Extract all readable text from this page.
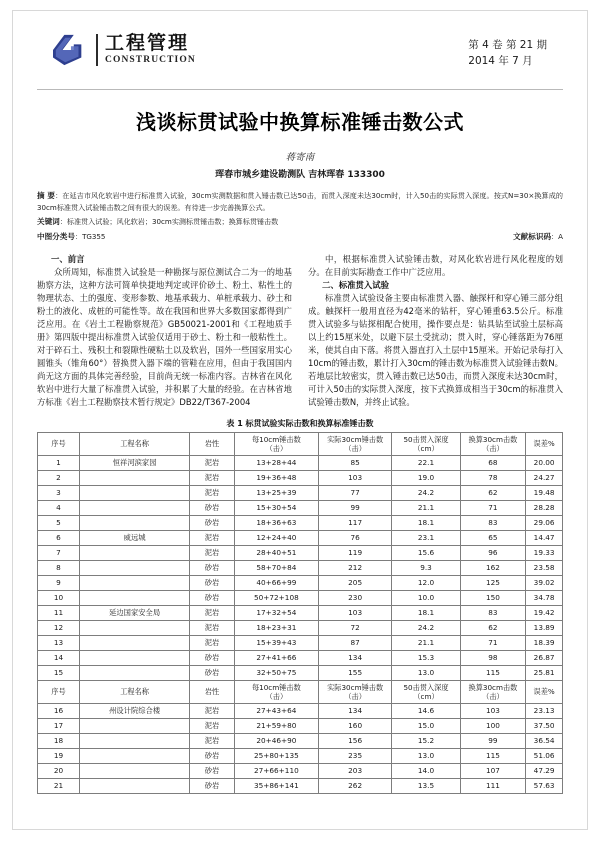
工程管理
CONSTRUCTION
第 4 卷 第 21 期
2014 年 7 月
浅谈标贯试验中换算标准锤击数公式
蒋寄南
珲春市城乡建设勘测队 吉林珲春 133300
摘 要：在延吉市风化软岩中进行标准贯入试验，30cm实测数据和贯入锤击数已达50击，而贯入深度未达30cm时，计入50击的实际贯入深度。按式N=30×换算成的30cm标准贯入试验锤击数之间有很大的误差。有待进一步完善换算公式。
关键词：标准贯入试验；风化软岩；30cm实测标贯锤击数；换算标贯锤击数
中图分类号：TG355	文献标识码：A
一、前言

众所周知，标准贯入试验是一种勘探与原位测试合二为一的地基勘察方法，这种方法可简单快捷地判定或评价砂土、粉土、粘性土的物理状态、土的强度、变形参数、地基承载力、单桩承载力、砂土和粉土的液化、成桩的可能性等。故在我国和世界大多数国家都得到广泛应用。在《岩土工程勘察规范》GB50021-2001和《工程地质手册》第四版中提出标准贯入试验仅适用于砂土、粉土和一般粘性土。对于碎石土、残积土和裂隙性硬粘土以及软岩，国外一些国家用实心圆锥头（锥角60°）替换贯入器下端的管鞋在应用，但由于我国国内尚无这方面的具体完善经验，目前尚无统一标准内容。吉林省在风化软岩中进行大量了标准贯入试验，并积累了大量的经验。在吉林省地方标准《岩土工程勘察技术暂行规定》DB22/T367-2004

中，根据标准贯入试验锤击数，对风化软岩进行风化程度的划分。在目前实际勘查工作中广泛应用。

二、标准贯入试验

标准贯入试验设备主要由标准贯入器、触探杆和穿心锤三部分组成。触探杆一般用直径为42毫米的钻杆，穿心锤重63.5公斤。标准贯入试验多与钻探相配合使用，操作要点是：钻具钻至试验土层标高以上约15厘米处，以避下层土受扰动；贯入时，穿心锤落距为76厘米，使其自由下落。将贯入器直打入土层中15厘米。开始记录每打入10cm的锤击数，累计打入30cm的锤击数为标准贯入试验锤击数N。若地层比较密实，贯入锤击数已达50击，而贯入深度未达30cm时，可计入50击的实际贯入深度，按下式换算成相当于30cm的标准贯入试验锤击数N，并终止试验。

表 1 标贯试验实际击数和换算标准锤击数
序号	工程名称	岩性	每10cm锤击数
（击）

实际30cm锤击数
（击）

50击贯入深度
（cm）

换算30cm击数
（击）	误差%
1	恒祥河滨家园	泥岩	13+28+44	85	22.1	68	20.00
2		泥岩	19+36+48	103	19.0	78	24.27
3		泥岩	13+25+39	77	24.2	62	19.48
4		砂岩	15+30+54	99	21.1	71	28.28
5		砂岩	18+36+63	117	18.1	83	29.06
6	威远城	泥岩	12+24+40	76	23.1	65	14.47
7		泥岩	28+40+51	119	15.6	96	19.33
8		砂岩	58+70+84	212	9.3	162	23.58
9		砂岩	40+66+99	205	12.0	125	39.02
10		砂岩	50+72+108	230	10.0	150	34.78
11	延边国家安全局	泥岩	17+32+54	103	18.1	83	19.42
12		泥岩	18+23+31	72	24.2	62	13.89
13		泥岩	15+39+43	87	21.1	71	18.39
14		砂岩	27+41+66	134	15.3	98	26.87
15		砂岩	32+50+75	155	13.0	115	25.81
序号	工程名称	岩性	每10cm锤击数
（击）

实际30cm锤击数
（击）

50击贯入深度
（cm）

换算30cm击数
（击）	误差%
16	州设计院综合楼	泥岩	27+43+64	134	14.6	103	23.13
17		泥岩	21+59+80	160	15.0	100	37.50
18		泥岩	20+46+90	156	15.2	99	36.54
19		砂岩	25+80+135	235	13.0	115	51.06
20		砂岩	27+66+110	203	14.0	107	47.29
21		砂岩	35+86+141	262	13.5	111	57.63
